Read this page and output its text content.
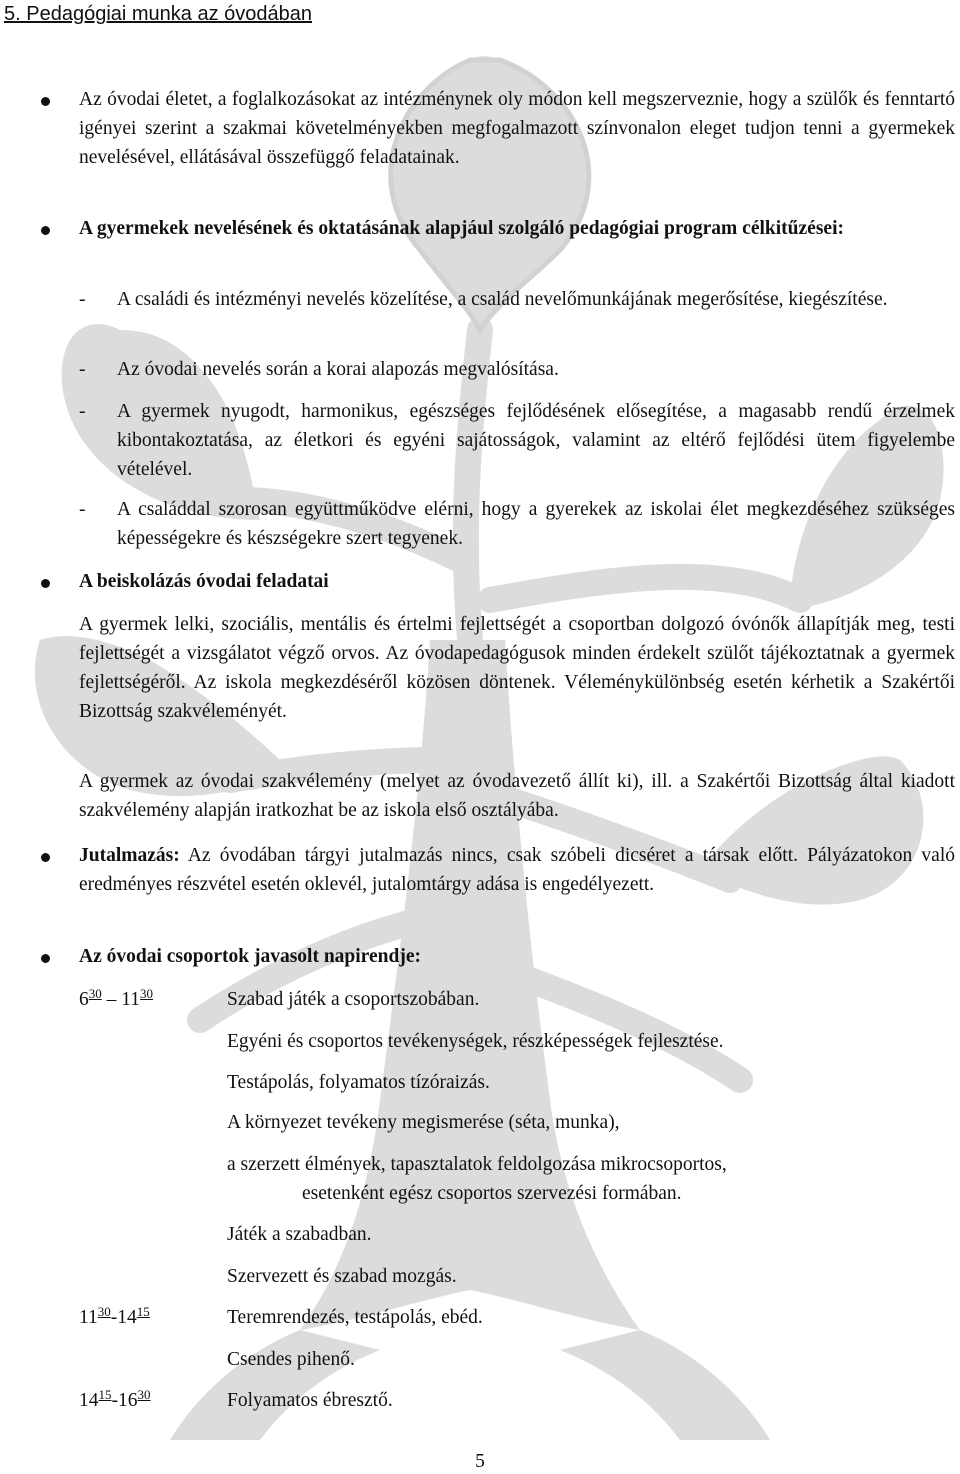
5. Pedagógiai munka az óvodában
Az óvodai életet, a foglalkozásokat az intézménynek oly módon kell megszerveznie, hogy a szülők és fenntartó igényei szerint a szakmai követelményekben megfogalmazott színvonalon eleget tudjon tenni a gyermekek nevelésével, ellátásával összefüggő feladatainak.
A gyermekek nevelésének és oktatásának alapjául szolgáló pedagógiai program célkitűzései:
- A családi és intézményi nevelés közelítése, a család nevelőmunkájának megerősítése, kiegészítése.
- Az óvodai nevelés során a korai alapozás megvalósítása.
- A gyermek nyugodt, harmonikus, egészséges fejlődésének elősegítése, a magasabb rendű érzelmek kibontakoztatása, az életkori és egyéni sajátosságok, valamint az eltérő fejlődési ütem figyelembe vételével.
- A családdal szorosan együttműködve elérni, hogy a gyerekek az iskolai élet megkezdéséhez szükséges képességekre és készségekre szert tegyenek.
A beiskolázás óvodai feladatai
A gyermek lelki, szociális, mentális és értelmi fejlettségét a csoportban dolgozó óvónők állapítják meg, testi fejlettségét a vizsgálatot végző orvos. Az óvodapedagógusok minden érdekelt szülőt tájékoztatnak a gyermek fejlettségéről. Az iskola megkezdéséről közösen döntenek. Véleménykülönbség esetén kérhetik a Szakértői Bizottság szakvéleményét.
A gyermek az óvodai szakvélemény (melyet az óvodavezető állít ki), ill. a Szakértői Bizottság által kiadott szakvélemény alapján iratkozhat be az iskola első osztályába.
Jutalmazás: Az óvodában tárgyi jutalmazás nincs, csak szóbeli dicséret a társak előtt. Pályázatokon való eredményes részvétel esetén oklevél, jutalomtárgy adása is engedélyezett.
Az óvodai csoportok javasolt napirendje:
$6^{30} - 11^{30}$	Szabad játék a csoportszobában.
Egyéni és csoportos tevékenységek, részképességek fejlesztése.
Testápolás, folyamatos tízóraizás.
A környezet tevékeny megismerése (séta, munka),
a szerzett élmények, tapasztalatok feldolgozása mikrocsoportos,
esetenként egész csoportos szervezési formában.
Játék a szabadban.
Szervezett és szabad mozgás.
$11^{30}-14^{15}$	Teremrendezés, testápolás, ebéd.
Csendes pihenő.
$14^{15}-16^{30}$	Folyamatos ébresztő.
5
